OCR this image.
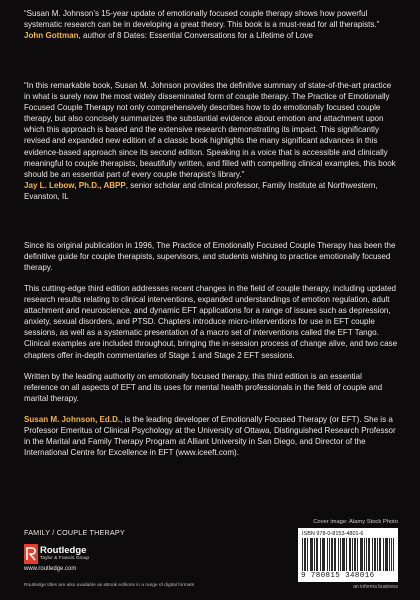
“Susan M. Johnson’s 15-year update of emotionally focused couple therapy shows how powerful systematic research can be in developing a great theory. This book is a must-read for all therapists.”

John Gottman, author of 8 Dates: Essential Conversations for a Lifetime of Love

“In this remarkable book, Susan M. Johnson provides the definitive summary of state-of-the-art practice in what is surely now the most widely disseminated form of couple therapy. The Practice of Emotionally Focused Couple Therapy not only comprehensively describes how to do emotionally focused couple therapy, but also concisely summarizes the substantial evidence about emotion and attachment upon which this approach is based and the extensive research demonstrating its impact. This significantly revised and expanded new edition of a classic book highlights the many significant advances in this evidence-based approach since its second edition. Speaking in a voice that is accessible and clinically meaningful to couple therapists, beautifully written, and filled with compelling clinical examples, this book should be an essential part of every couple therapist’s library.”

Jay L. Lebow, Ph.D., ABPP, senior scholar and clinical professor, Family Institute at Northwestern, Evanston, IL

Since its original publication in 1996, The Practice of Emotionally Focused Couple Therapy has been the definitive guide for couple therapists, supervisors, and students wishing to practice emotionally focused therapy.

This cutting-edge third edition addresses recent changes in the field of couple therapy, including updated research results relating to clinical interventions, expanded understandings of emotion regulation, adult attachment and neuroscience, and dynamic EFT applications for a range of issues such as depression, anxiety, sexual disorders, and PTSD. Chapters introduce micro-interventions for use in EFT couple sessions, as well as a systematic presentation of a macro set of interventions called the EFT Tango. Clinical examples are included throughout, bringing the in-session process of change alive, and two case chapters offer in-depth commentaries of Stage 1 and Stage 2 EFT sessions.

Written by the leading authority on emotionally focused therapy, this third edition is an essential reference on all aspects of EFT and its uses for mental health professionals in the field of couple and marital therapy.

Susan M. Johnson, Ed.D., is the leading developer of Emotionally Focused Therapy (or EFT). She is a Professor Emeritus of Clinical Psychology at the University of Ottawa, Distinguished Research Professor in the Marital and Family Therapy Program at Alliant University in San Diego, and Director of the International Centre for Excellence in EFT (www.iceeft.com).

FAMILY / COUPLE THERAPY
Cover image: Alamy Stock Photo
Routledge
Taylor & Francis Group
www.routledge.com
Routledge titles are also available as eBook editions in a range of digital formats
ISBN 978-0-8153-4801-6
9 780815 348016
an informa business
